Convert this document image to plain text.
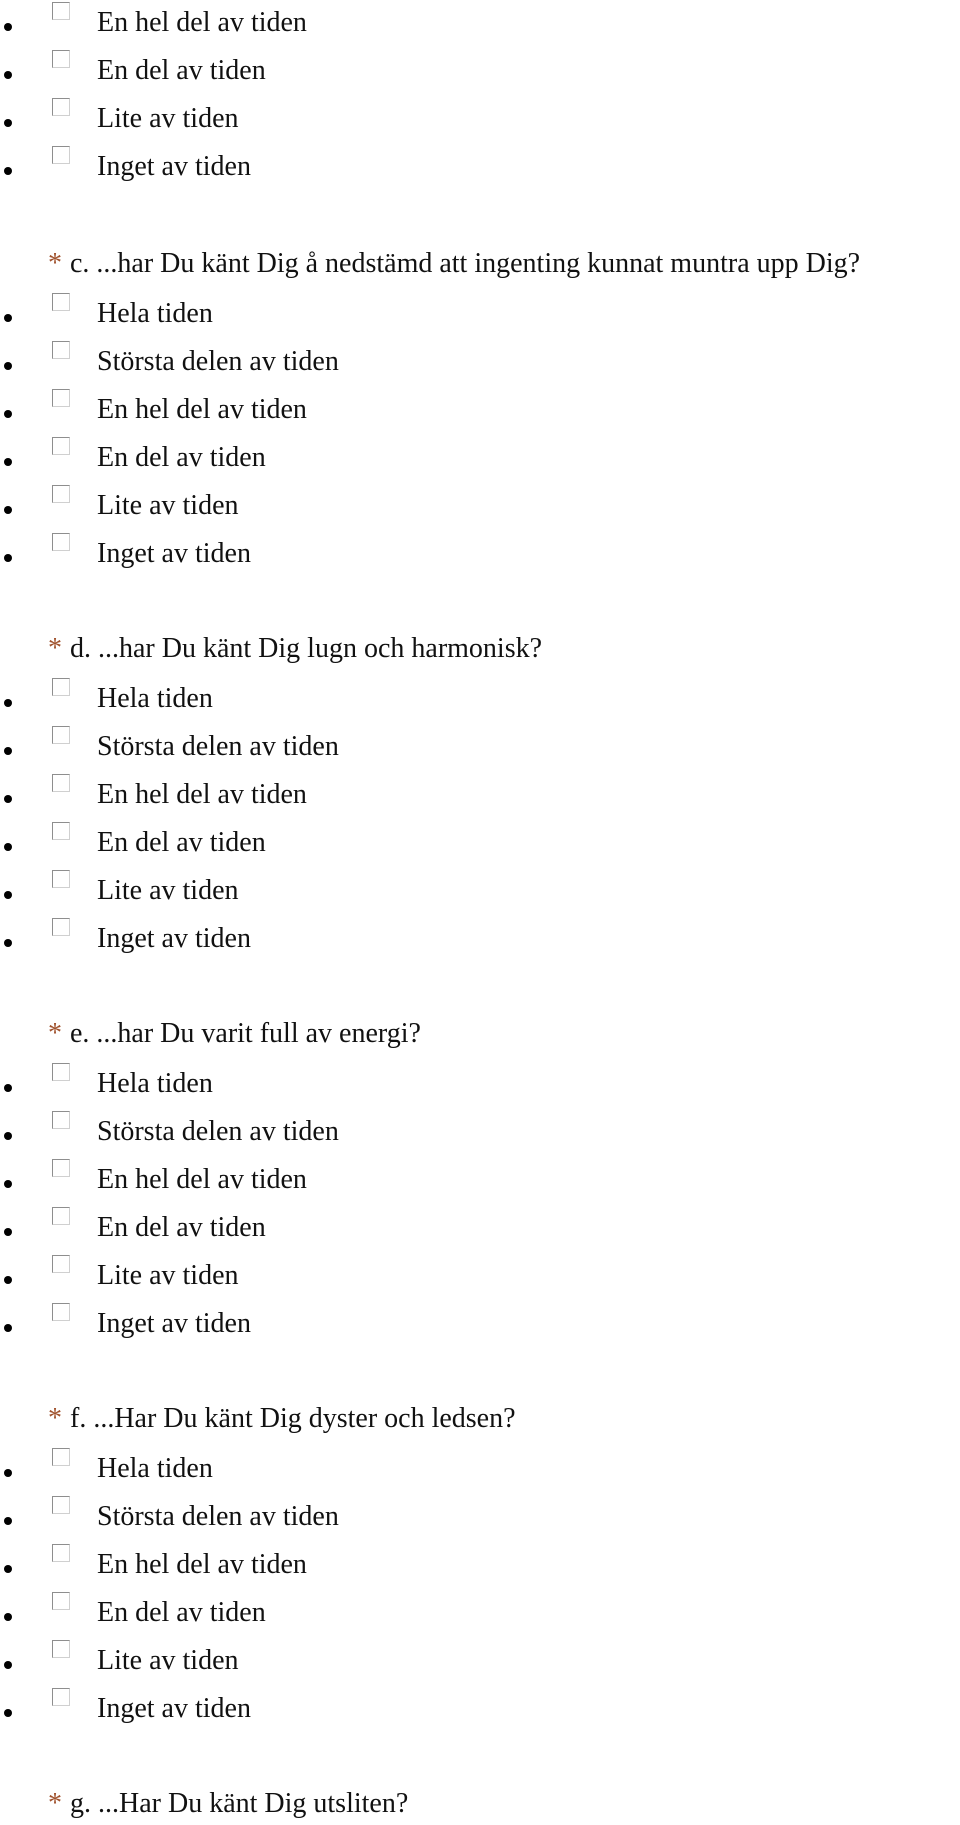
En hel del av tiden
En del av tiden
Lite av tiden
Inget av tiden
* c. ...har Du känt Dig å nedstämd att ingenting kunnat muntra upp Dig?
Hela tiden
Största delen av tiden
En hel del av tiden
En del av tiden
Lite av tiden
Inget av tiden
* d. ...har Du känt Dig lugn och harmonisk?
Hela tiden
Största delen av tiden
En hel del av tiden
En del av tiden
Lite av tiden
Inget av tiden
* e. ...har Du varit full av energi?
Hela tiden
Största delen av tiden
En hel del av tiden
En del av tiden
Lite av tiden
Inget av tiden
* f. ...Har Du känt Dig dyster och ledsen?
Hela tiden
Största delen av tiden
En hel del av tiden
En del av tiden
Lite av tiden
Inget av tiden
* g. ...Har Du känt Dig utsliten?
